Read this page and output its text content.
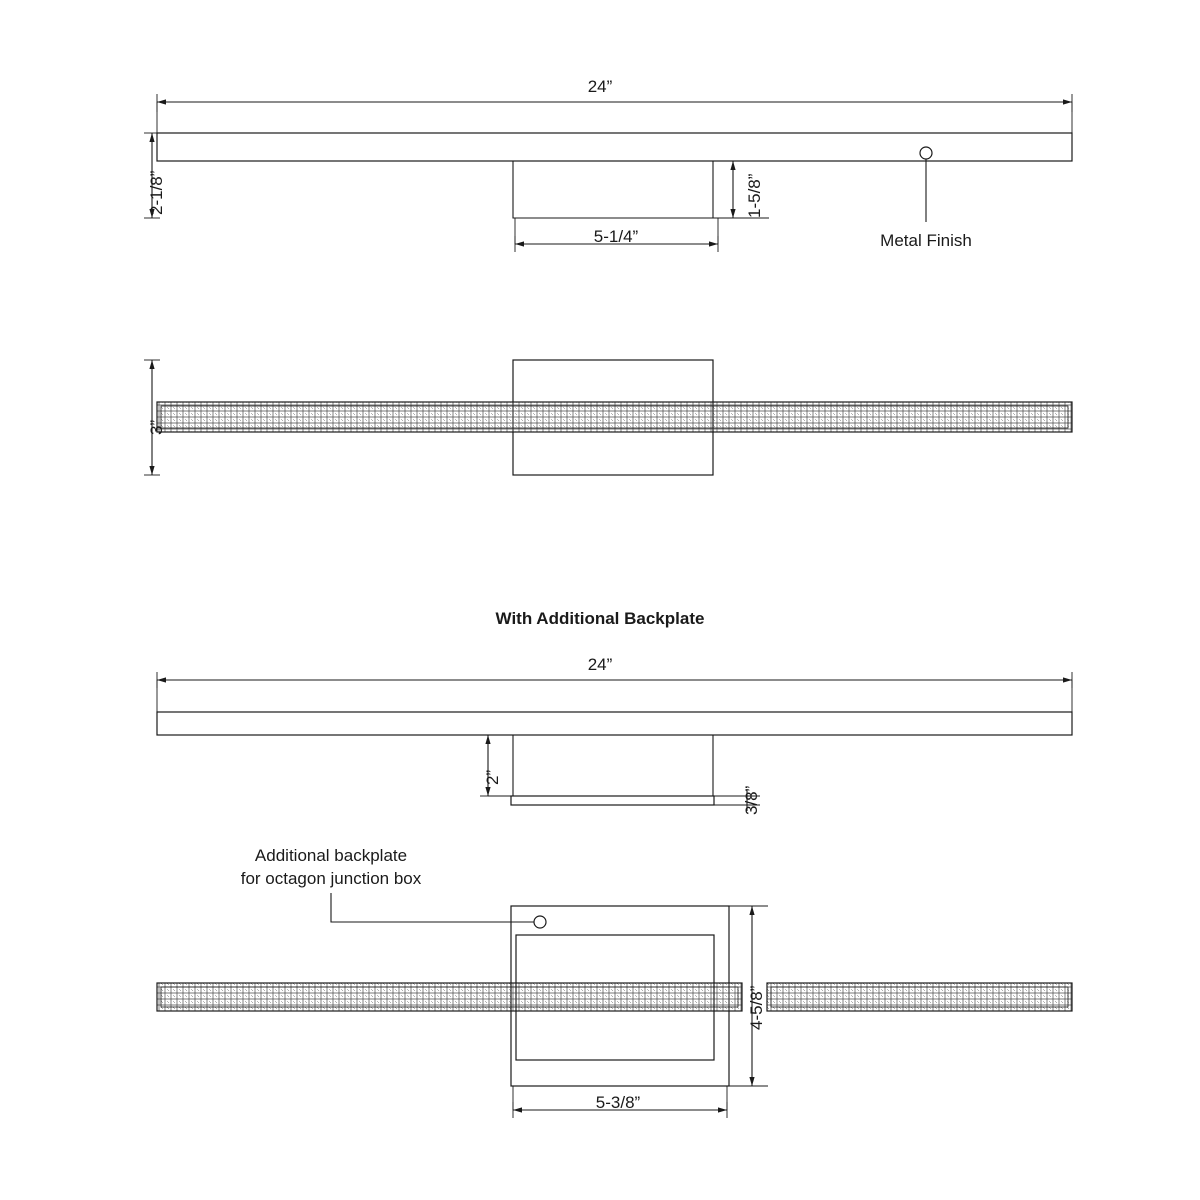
24”
2-1/8”	1-5/8”
5-1/4”	Metal Finish
3”
With Additional Backplate
24”
2”
3/8”
Additional backplate
for octagon junction box
4-5/8”
5-3/8”
